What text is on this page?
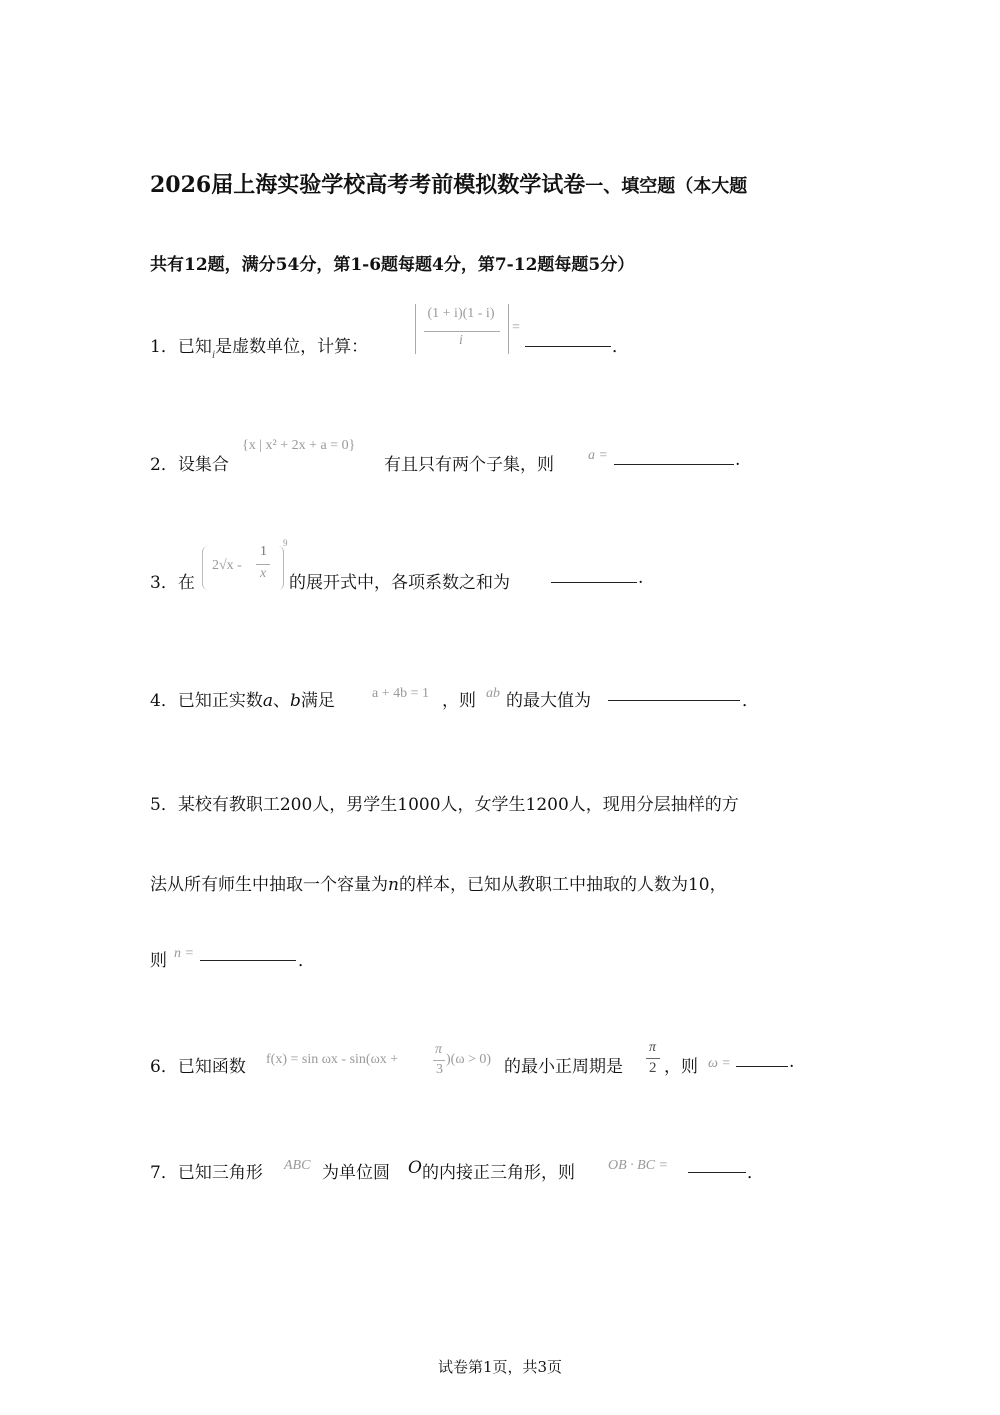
2026届上海实验学校高考考前模拟数学试卷一、填空题（本大题
共有12题，满分54分，第1-6题每题4分，第7-12题每题5分）
1．已知$_i$是虚数单位，计算：
(1 + i)(1 - i)
i
=
．
2．设集合
{x | x² + 2x + a = 0}
有且只有两个子集，则 a =	.
3．在
2√x -
1
x
9
的展开式中，各项系数之和为	.
4．已知正实数a、b满足	a + 4b = 1 ，则 ab 的最大值为	．
5．某校有教职工200人，男学生1000人，女学生1200人，现用分层抽样的方
法从所有师生中抽取一个容量为n的样本，已知从教职工中抽取的人数为10，
则 n =	．
6．已知函数 f(x) = sin ωx - sin(ωx +
π
3
)(ω > 0) 的最小正周期是
π
2 ，则 ω =	.
7．已知三角形 ABC 为单位圆 O 的内接正三角形，则 OB · BC =	．
试卷第1页，共3页
